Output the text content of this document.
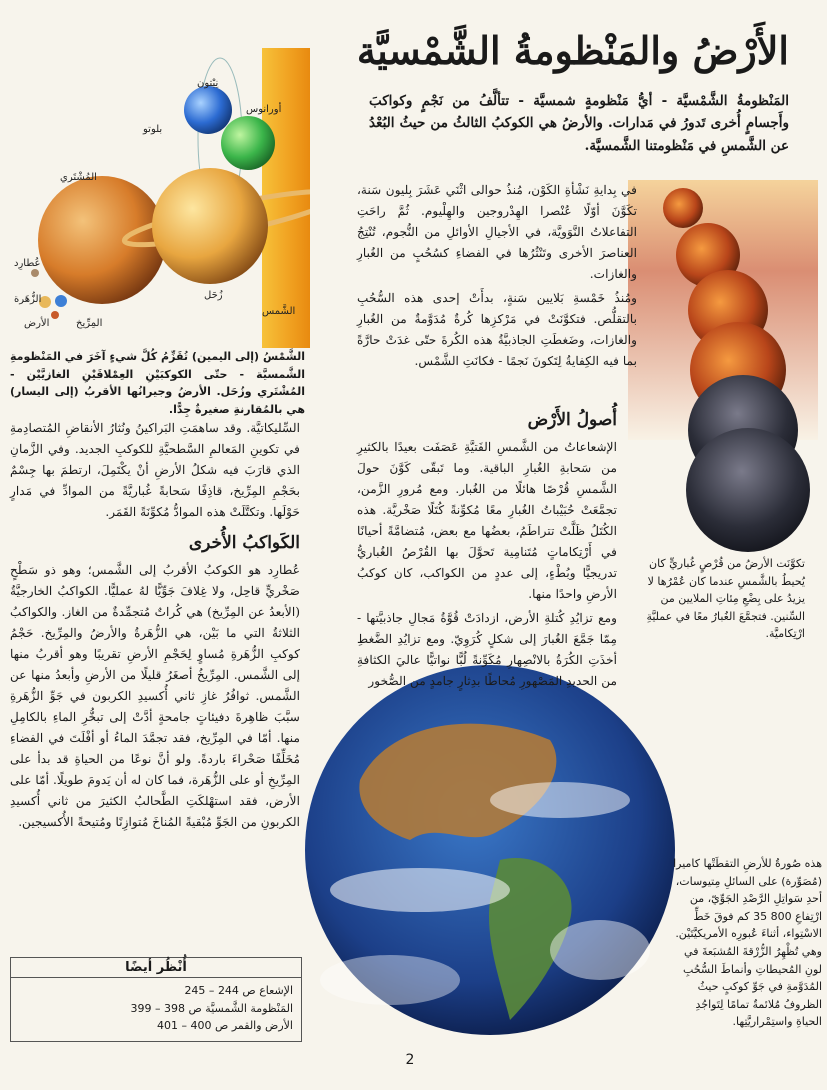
الأَرْضُ والمَنْظومةُ الشَّمْسيَّة
المَنْظومةُ الشَّمْسيَّة - أيُّ مَنْظومةٍ شمسيَّة - تتألَّفُ من نَجْمٍ وكواكبَ وأَجسامٍ أُخرى تَدورُ في مَدارات. والأرضُ هي الكوكبُ الثالثُ من حيثُ البُعْدُ عن الشَّمسِ في مَنْظومتنا الشَّمسيَّة.
نِبْتون
أورانوس
بلوتو
المُشْتَري
عُطارِد
الزُّهَرة
الأرض	المِرِّيخ
زُحَل
الشَّمس
الشَّمْسُ (إلى اليمين) تُقَزِّمُ كُلَّ شيءٍ آخَرَ في المَنْظومةِ الشَّمسيَّة - حتّى الكوكبَيْنِ العِمْلاقَيْنِ الغازيَّيْن - المُشْتَري وزُحَل. الأرضُ وجيرانُها الأقربُ (إلى اليسار) هي بالمُقارنةِ صغيرةٌ جِدًّا.
تكوَّنَت الأرضُ من قُرْصٍ غُباريٍّ كان يُحيطُ بالشَّمسِ عندما كان عُمْرُها لا يزيدُ على بِضْعِ مِئاتِ الملايين من السِّنين. فتجمَّعَ الغُبارُ معًا في عمليَّةِ ارْتِكاميَّة.
هذه صُورةُ للأرضِ التقطَتْها كاميرا (مُصَوِّرة) على السائلِ مِتيوسات، أحدِ سَواتِلِ الرَّصْدِ الجَوِّيّ، من ارْتِفاعِ 800 35 كم فوقَ خَطِّ الاسْتِواء، أثناءَ عُبورِه الأمريكيَّتَيْن. وهي تُظْهِرُ الزُّرْقةَ المُشبَعةَ في لونِ المُحيطاتِ وأنماطَ السُّحُبِ المُدَوَّمةِ في جَوِّ كوكبٍ حيثُ الظروفُ مُلائمةٌ تمامًا لِتَواجُدِ الحياةِ واستِمْراريَّتِها.

في بِدايةِ نَشْأةِ الكَوْن، مُنذُ حوالى اثْنَي عَشَرَ بِليون سَنة، تكَوَّنَ أوّلًا عُنْصرا الهِدْروجين والهِلْيوم. ثُمَّ راحَتِ التفاعلاتُ النَّوَويَّة، في الأجيالِ الأوائلِ من النُّجوم، تُنْتِجُ العناصرَ الأخرى وتَنْثُرُها في الفضاءِ كسُحُبٍ من الغُبارِ والغازات.

ومُنذُ خَمْسةِ بَلايين سَنةٍ، بدأَتْ إحدى هذه السُّحُبِ بالتقلُّص. فتكوَّنَتْ في مَرْكزِها كُرةٌ مُدَوَّمةٌ من الغُبارِ والغازات، وضَغطَتِ الجاذبيَّةُ هذه الكُرةَ حتّى غدَتْ حارَّةً بما فيه الكِفايةُ لِتَكونَ نَجمًا - فكانَتِ الشَّمْس.

أُصولُ الأَرْض

الإشعاعاتُ من الشَّمسِ الفَتيَّةِ عَصَفَت بعيدًا بالكثيرِ من سَحابةِ الغُبارِ الباقية. وما تَبقّى كَوَّنَ حولَ الشَّمسِ قُرْصًا هائلًا من الغُبار. ومع مُرورِ الزَّمن، تجمَّعَتْ حُبَيْباتُ الغُبارِ معًا مُكوِّنةً كُتَلًا صَخْريَّة. هذه الكُتَلُ ظَلَّتْ تتراطَمُ، بعضُها مع بعض، مُتضامَّةً أحيانًا في أَرْتِكاماتٍ مُتَنامِية تَحوَّلَ بها القُرْصُ الغُباريُّ تدريجيًّا وبُطْءٍ، إلى عددٍ من الكواكب، كان كوكبُ الأرضِ واحدًا منها.

ومع تزايُدِ كُتلةِ الأرض، ازدادَتْ قُوَّةُ مَجالِ جاذبيَّتها - مِمّا جَمَّعَ الغُبارَ إلى شكلٍ كُرَوِيّ. ومع تزايُدِ الضَّغطِ أخذَتِ الكُرَةُ بالانْصِهارِ مُكَوِّنةً لُبًّا نواتيًّا عاليَ الكثافةِ من الحديدِ المَصْهورِ مُحاطًا بدِثارٍ جامدٍ من الصُّخور

السِّليكاتيَّة. وقد ساهمَتِ البَراكينُ ونُثارُ الأنقاضِ المُتصادِمةِ في تكوينِ المَعالمِ السَّطحيَّةِ للكوكبِ الجديد. وفي الزَّمانِ الذي قارَبَ فيه شكلُ الأرضِ أنْ يكْتَمِلَ، ارتطمَ بها جِسْمٌ بحَجْمِ المِرِّيخ، قاذِفًا سَحابةً غُباريَّةً من الموادِّ في مَدارٍ حَوْلَها. وتكتَّلَتْ هذه الموادُّ مُكوِّنَةً القَمَر.

الكَواكبُ الأُخرى

عُطارِد هو الكوكبُ الأقربُ إلى الشَّمس؛ وهو ذو سَطْحٍ صَخْريٍّ قاحِل، ولا غِلافَ جَوِّيًّا لهُ عمليًّا. الكواكبُ الخارجيَّةُ (الأبعدُ عن المِرِّيخ) هي كُراتٌ مُتجمِّدةٌ من الغاز. والكواكبُ الثلاثةُ التي ما بَيْن، هي الزُّهَرةُ والأرضُ والمِرِّيخ. حَجْمُ كوكبِ الزُّهَرةِ مُساوٍ لِحَجْمِ الأرضِ تقريبًا وهو أقربُ منها إلى الشَّمس. المِرِّيخُ أصغَرُ قليلًا من الأرضِ وأبعدُ منها عن الشَّمس. ثوافُرُ غازِ ثاني أُكسيدِ الكربون في جَوِّ الزُّهَرةِ سبَّبَ ظاهِرةَ دفيئاتٍ جامحةٍ أدَّتْ إلى تبخُّرِ الماءِ بالكامِلِ منها. أمّا في المِرِّيخ، فقد تجمَّدَ الماءُ أو أفْلَتَ في الفضاءِ مُخَلِّفًا صَحْراءَ باردةً. ولو أنَّ نوعًا من الحياةِ قد بدأ على المِرِّيخِ أو على الزُّهَرة، فما كان له أن يَدومَ طويلًا. أمّا على الأرض، فقد استهْلكَتِ الطَّحالبُ الكثيرَ من ثاني أُكسيدِ الكربونِ من الجَوِّ مُبْقيةً المُناخَ مُتوازِنًا ومُتيحةً الأُكسيجين.

أُنْظُر أيضًا
الإشعاع ص 244 – 245
المَنْظومة الشَّمسيَّة ص 398 – 399
الأرض والقمر ص 400 – 401
2
